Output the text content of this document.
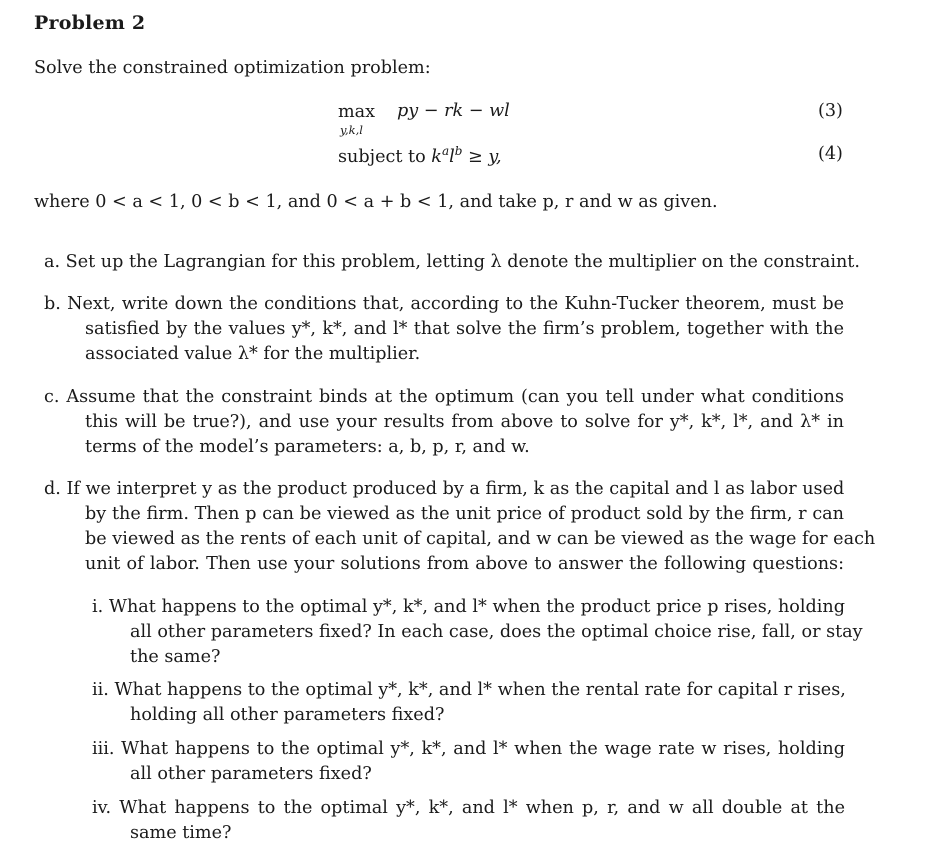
Problem 2
Solve the constrained optimization problem:
max
y,k,l
py − rk − wl
subject to $k^al^b \ge y$,
(3)
(4)
where 0 < a < 1, 0 < b < 1, and 0 < a + b < 1, and take p, r and w as given.
a. Set up the Lagrangian for this problem, letting λ denote the multiplier on the constraint.
b. Next, write down the conditions that, according to the Kuhn-Tucker theorem, must be
satisfied by the values y*, k*, and l* that solve the firm’s problem, together with the
associated value λ* for the multiplier.
c. Assume that the constraint binds at the optimum (can you tell under what conditions
this will be true?), and use your results from above to solve for y*, k*, l*, and λ* in
terms of the model’s parameters: a, b, p, r, and w.
d. If we interpret y as the product produced by a firm, k as the capital and l as labor used
by the firm. Then p can be viewed as the unit price of product sold by the firm, r can
be viewed as the rents of each unit of capital, and w can be viewed as the wage for each
unit of labor. Then use your solutions from above to answer the following questions:
i. What happens to the optimal y*, k*, and l* when the product price p rises, holding
all other parameters fixed? In each case, does the optimal choice rise, fall, or stay
the same?
ii. What happens to the optimal y*, k*, and l* when the rental rate for capital r rises,
holding all other parameters fixed?
iii. What happens to the optimal y*, k*, and l* when the wage rate w rises, holding
all other parameters fixed?
iv. What happens to the optimal y*, k*, and l* when p, r, and w all double at the
same time?
